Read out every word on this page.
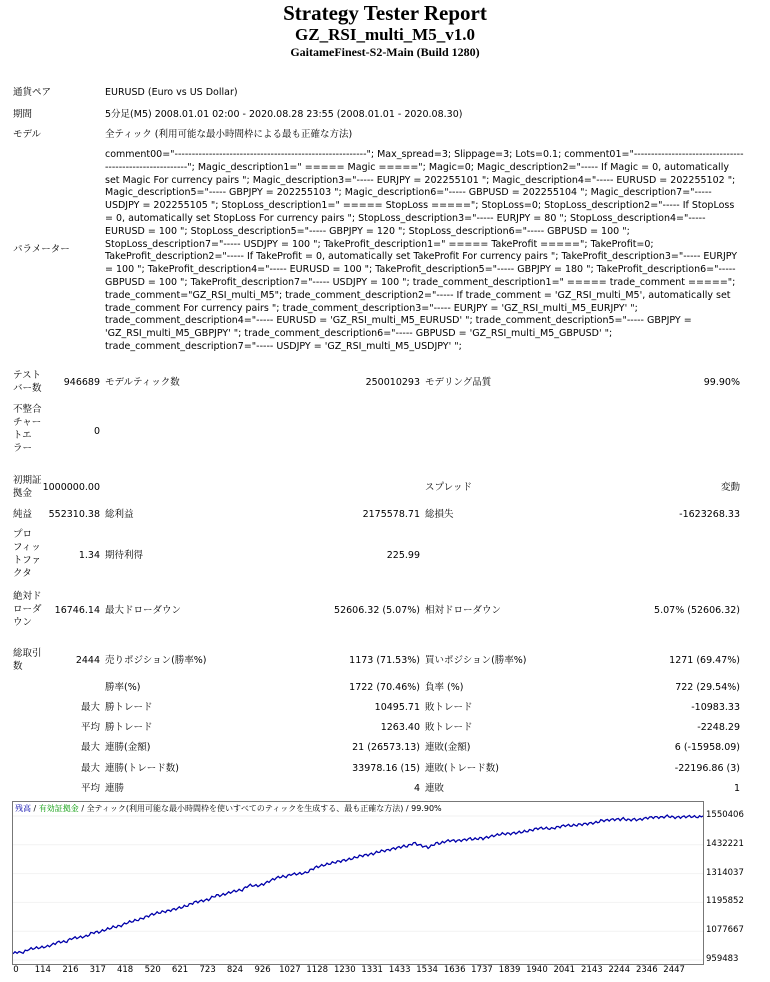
Strategy Tester Report
GZ_RSI_multi_M5_v1.0
GaitameFinest-S2-Main (Build 1280)
通貨ペア	EURUSD (Euro vs US Dollar)
期間	5分足(M5) 2008.01.01 02:00 - 2020.08.28 23:55 (2008.01.01 - 2020.08.30)
モデル	全ティック (利用可能な最小時間枠による最も正確な方法)
パラメーター
comment00="--------------------------------------------------------"; Max_spread=3; Slippage=3; Lots=0.1; comment01="--------------------------------------------------------"; Magic_description1=" ===== Magic ====="; Magic=0; Magic_description2="----- If Magic = 0, automatically set Magic For currency pairs "; Magic_description3="----- EURJPY = 202255101 "; Magic_description4="----- EURUSD = 202255102 "; Magic_description5="----- GBPJPY = 202255103 "; Magic_description6="----- GBPUSD = 202255104 "; Magic_description7="----- USDJPY = 202255105 "; StopLoss_description1=" ===== StopLoss ====="; StopLoss=0; StopLoss_description2="----- If StopLoss = 0, automatically set StopLoss For currency pairs "; StopLoss_description3="----- EURJPY = 80 "; StopLoss_description4="----- EURUSD = 100 "; StopLoss_description5="----- GBPJPY = 120 "; StopLoss_description6="----- GBPUSD = 100 "; StopLoss_description7="----- USDJPY = 100 "; TakeProfit_description1=" ===== TakeProfit ====="; TakeProfit=0; TakeProfit_description2="----- If TakeProfit = 0, automatically set TakeProfit For currency pairs "; TakeProfit_description3="----- EURJPY = 100 "; TakeProfit_description4="----- EURUSD = 100 "; TakeProfit_description5="----- GBPJPY = 180 "; TakeProfit_description6="----- GBPUSD = 100 "; TakeProfit_description7="----- USDJPY = 100 "; trade_comment_description1=" ===== trade_comment ====="; trade_comment="GZ_RSI_multi_M5"; trade_comment_description2="----- If trade_comment = 'GZ_RSI_multi_M5', automatically set trade_comment For currency pairs "; trade_comment_description3="----- EURJPY = 'GZ_RSI_multi_M5_EURJPY' "; trade_comment_description4="----- EURUSD = 'GZ_RSI_multi_M5_EURUSD' "; trade_comment_description5="----- GBPJPY = 'GZ_RSI_multi_M5_GBPJPY' "; trade_comment_description6="----- GBPUSD = 'GZ_RSI_multi_M5_GBPUSD' "; trade_comment_description7="----- USDJPY = 'GZ_RSI_multi_M5_USDJPY' ";
テスト
バー数
946689 モデルティック数	250010293 モデリング品質	99.90%
不整合
チャー
トエ
ラー
0
初期証
拠金
1000000.00	スプレッド	変動
純益	552310.38 総利益	2175578.71 総損失	-1623268.33
プロ
フィッ
トファ
クタ
1.34 期待利得	225.99
絶対ド
ローダ
ウン
16746.14 最大ドローダウン	52606.32 (5.07%) 相対ドローダウン	5.07% (52606.32)
総取引
数
2444 売りポジション(勝率%)	1173 (71.53%) 買いポジション(勝率%)	1271 (69.47%)
勝率(%)	1722 (70.46%) 負率 (%)	722 (29.54%)
最大 勝トレード	10495.71 敗トレード	-10983.33
平均 勝トレード	1263.40 敗トレード	-2248.29
最大 連勝(金額)	21 (26573.13) 連敗(金額)	6 (-15958.09)
最大 連勝(トレード数)	33978.16 (15) 連敗(トレード数)	-22196.86 (3)
平均 連勝	4 連敗	1
残高 / 有効証拠金 / 全ティック(利用可能な最小時間枠を使いすべてのティックを生成する、最も正確な方法) / 99.90%
1550406
1432221
1314037
1195852
1077667
959483
0 114 216 317 418 520 621 723 824 926 1027 1128 1230 1331 1433 1534 1636 1737 1839 1940 2041 2143 2244 2346 2447
